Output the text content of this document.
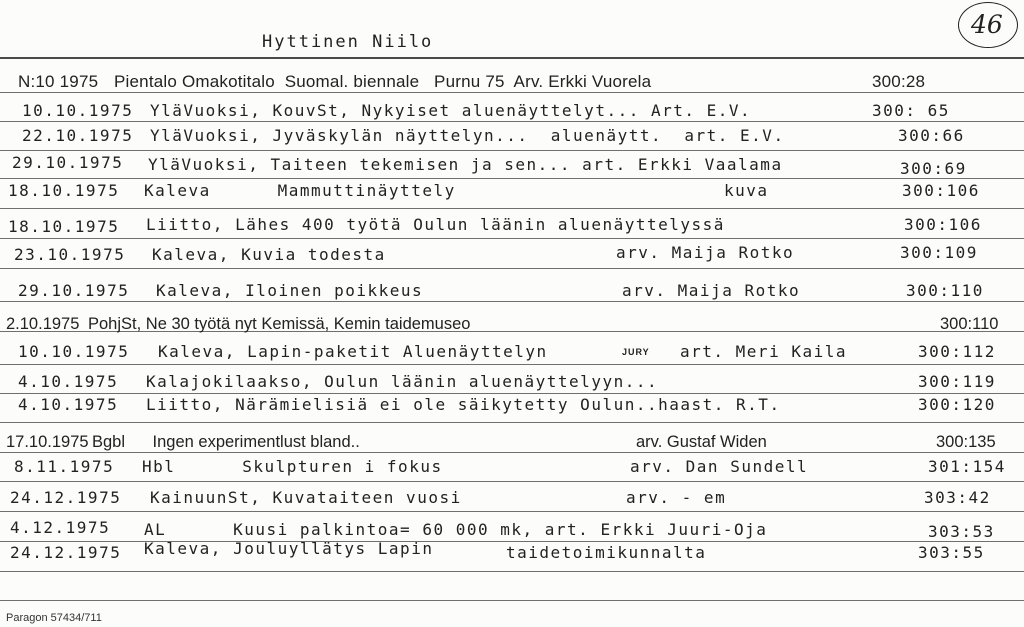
46
Hyttinen Niilo
N:10 1975 Pientalo Omakotitalo  Suomal. biennale   Purnu 75  Arv. Erkki Vuorela	300:28
10.10.1975 YläVuoksi, KouvSt, Nykyiset aluenäyttelyt... Art. E.V.	300: 65
22.10.1975 YläVuoksi, Jyväskylän näyttelyn...  aluenäytt.  art. E.V.	300:66
29.10.1975 YläVuoksi, Taiteen tekemisen ja sen... art. Erkki Vaalama	300:69
18.10.1975 Kaleva      Mammuttinäyttely	kuva	300:106
18.10.1975 Liitto, Lähes 400 työtä Oulun läänin aluenäyttelyssä	300:106
23.10.1975 Kaleva, Kuvia todesta	arv. Maija Rotko	300:109
29.10.1975 Kaleva, Iloinen poikkeus	arv. Maija Rotko	300:110
2.10.1975 PohjSt, Ne 30 työtä nyt Kemissä, Kemin taidemuseo	300:110
10.10.1975 Kaleva, Lapin-paketit Aluenäyttelyn	JURY art. Meri Kaila	300:112
4.10.1975 Kalajokilaakso, Oulun läänin aluenäyttelyyn...	300:119
4.10.1975 Liitto, Närämielisiä ei ole säikytetty Oulun..haast. R.T.	300:120
17.10.1975 Bgbl      Ingen experimentlust bland..	arv. Gustaf Widen	300:135
8.11.1975 Hbl      Skulpturen i fokus	arv. Dan Sundell	301:154
24.12.1975 KainuunSt, Kuvataiteen vuosi	arv. - em	303:42
4.12.1975 AL      Kuusi palkintoa= 60 000 mk, art. Erkki Juuri-Oja	303:53
24.12.1975 Kaleva, Jouluyllätys Lapin	taidetoimikunnalta	303:55
Paragon 57434/711
